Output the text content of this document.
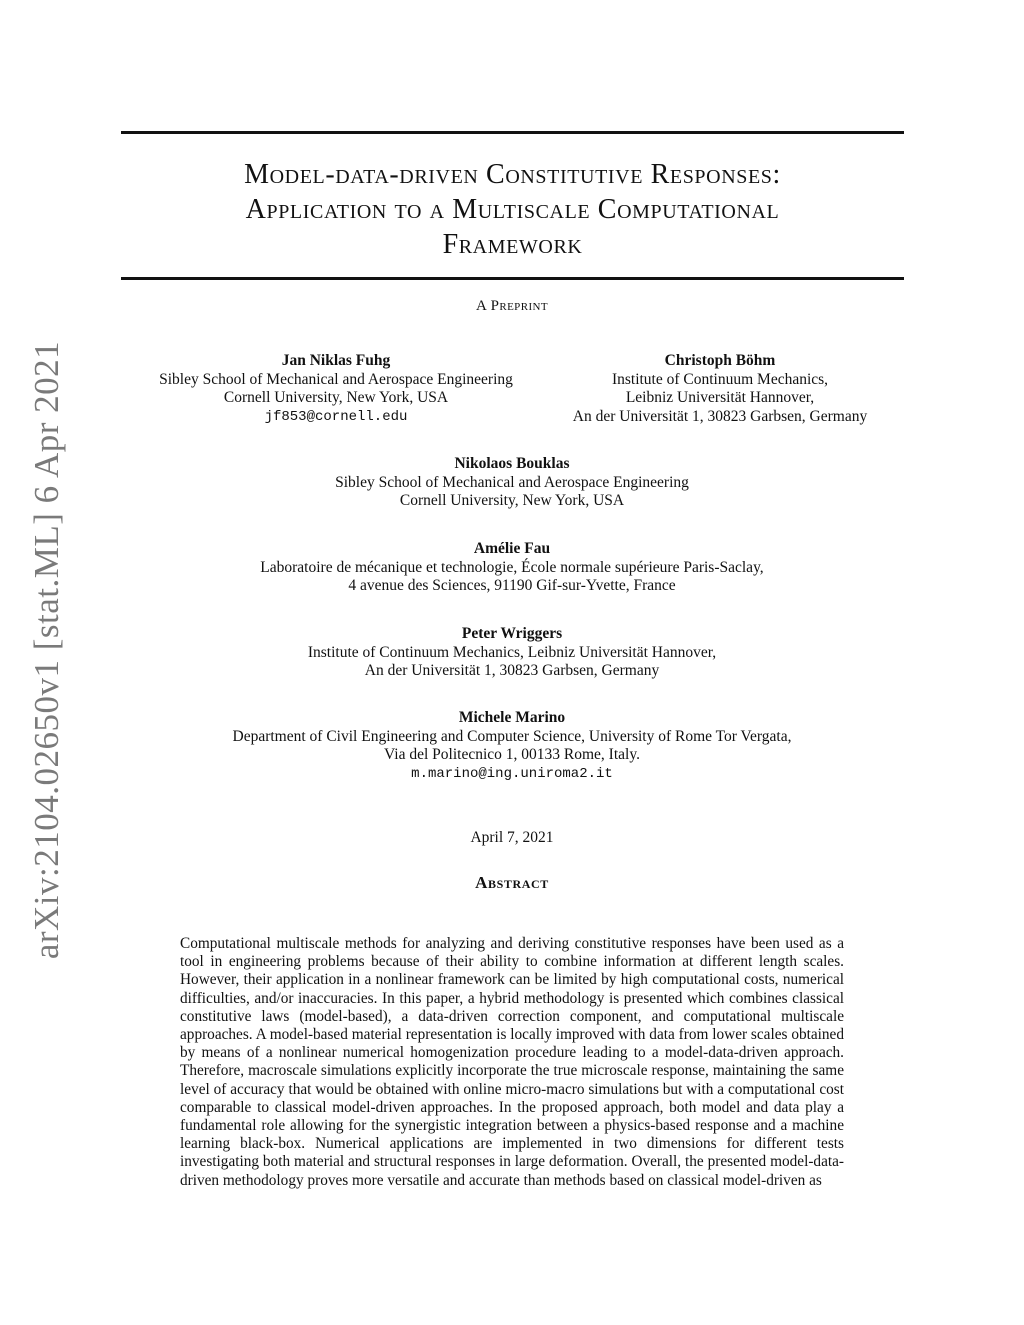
arXiv:2104.02650v1 [stat.ML] 6 Apr 2021
Model-data-driven Constitutive Responses:
Application to a Multiscale Computational
Framework
A Preprint
Jan Niklas Fuhg
Sibley School of Mechanical and Aerospace Engineering
Cornell University, New York, USA
jf853@cornell.edu
Christoph Böhm
Institute of Continuum Mechanics,
Leibniz Universität Hannover,
An der Universität 1, 30823 Garbsen, Germany
Nikolaos Bouklas
Sibley School of Mechanical and Aerospace Engineering
Cornell University, New York, USA
Amélie Fau
Laboratoire de mécanique et technologie, École normale supérieure Paris-Saclay,
4 avenue des Sciences, 91190 Gif-sur-Yvette, France
Peter Wriggers
Institute of Continuum Mechanics, Leibniz Universität Hannover,
An der Universität 1, 30823 Garbsen, Germany
Michele Marino
Department of Civil Engineering and Computer Science, University of Rome Tor Vergata,
Via del Politecnico 1, 00133 Rome, Italy.
m.marino@ing.uniroma2.it
April 7, 2021
Abstract
Computational multiscale methods for analyzing and deriving constitutive responses have been used as a tool in engineering problems because of their ability to combine information at different length scales. However, their application in a nonlinear framework can be limited by high computational costs, numerical difficulties, and/or inaccuracies. In this paper, a hybrid methodology is presented which combines classical constitutive laws (model-based), a data-driven correction component, and computational multiscale approaches. A model-based material representation is locally improved with data from lower scales obtained by means of a nonlinear numerical homogenization procedure leading to a model-data-driven approach. Therefore, macroscale simulations explicitly incorporate the true microscale response, maintaining the same level of accuracy that would be obtained with online micro-macro simulations but with a computational cost comparable to classical model-driven approaches. In the proposed approach, both model and data play a fundamental role allowing for the synergistic integration between a physics-based response and a machine learning black-box. Numerical applications are implemented in two dimensions for different tests investigating both material and structural responses in large deformation. Overall, the presented model-data-driven methodology proves more versatile and accurate than methods based on classical model-driven as
